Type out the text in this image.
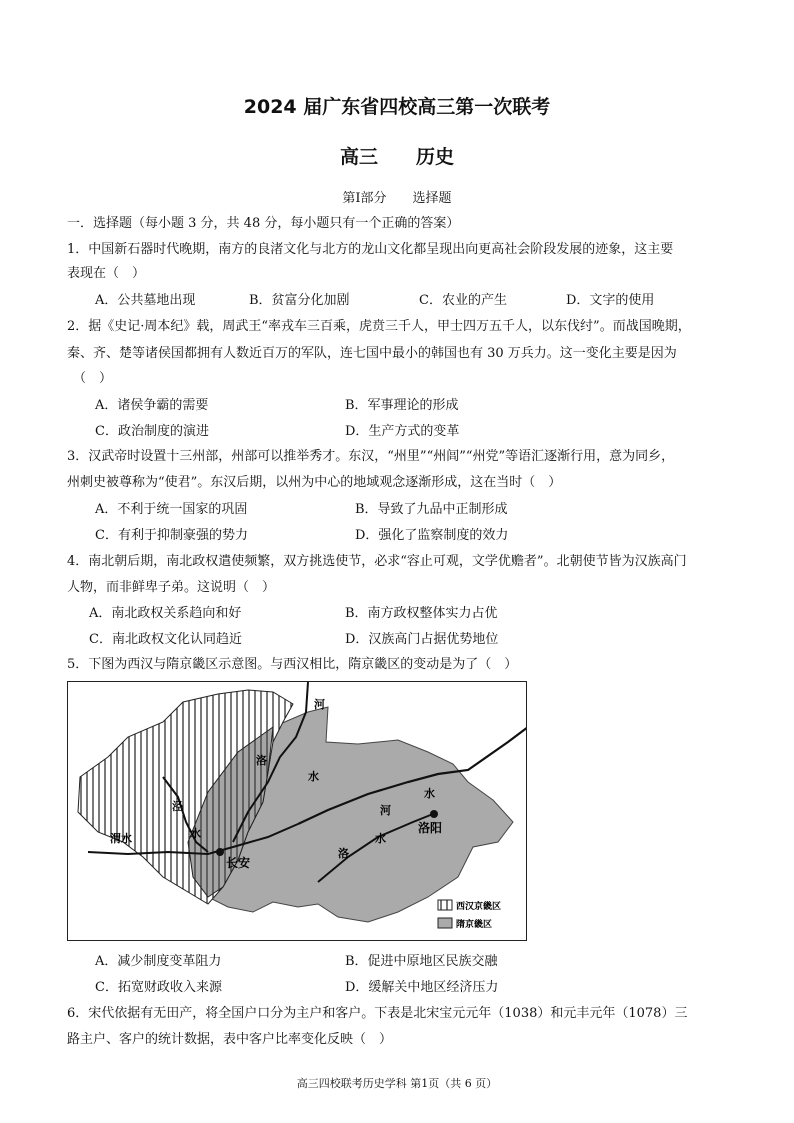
2024 届广东省四校高三第一次联考
高三　　历史
第Ⅰ部分　　选择题
一．选择题（每小题 3 分，共 48 分，每小题只有一个正确的答案）
1．中国新石器时代晚期，南方的良渚文化与北方的龙山文化都呈现出向更高社会阶段发展的迹象，这主要
表现在（　）
A．公共墓地出现	B．贫富分化加剧	C．农业的产生	D．文字的使用
2．据《史记·周本纪》载，周武王“率戎车三百乘，虎贲三千人，甲士四万五千人，以东伐纣”。而战国晚期，
秦、齐、楚等诸侯国都拥有人数近百万的军队，连七国中最小的韩国也有 30 万兵力。这一变化主要是因为
（　）
A．诸侯争霸的需要	B．军事理论的形成
C．政治制度的演进	D．生产方式的变革
3．汉武帝时设置十三州部，州部可以推举秀才。东汉，“州里”“州闾”“州党”等语汇逐渐行用，意为同乡，
州刺史被尊称为“使君”。东汉后期，以州为中心的地域观念逐渐形成，这在当时（　）
A．不利于统一国家的巩固	B．导致了九品中正制形成
C．有利于抑制豪强的势力	D．强化了监察制度的效力
4．南北朝后期，南北政权遣使频繁，双方挑选使节，必求“容止可观，文学优赡者”。北朝使节皆为汉族高门
人物，而非鲜卑子弟。这说明（　）
A．南北政权关系趋向和好	B．南方政权整体实力占优
C．南北政权文化认同趋近	D．汉族高门占据优势地位
5．下图为西汉与隋京畿区示意图。与西汉相比，隋京畿区的变动是为了（　）
河
洛
水
泾
渭水	水
长安
河
水
洛阳
洛
水
西汉京畿区
隋京畿区
A．减少制度变革阻力	B．促进中原地区民族交融
C．拓宽财政收入来源	D．缓解关中地区经济压力
6．宋代依据有无田产，将全国户口分为主户和客户。下表是北宋宝元元年（1038）和元丰元年（1078）三
路主户、客户的统计数据，表中客户比率变化反映（　）
高三四校联考历史学科 第1页（共 6 页）
